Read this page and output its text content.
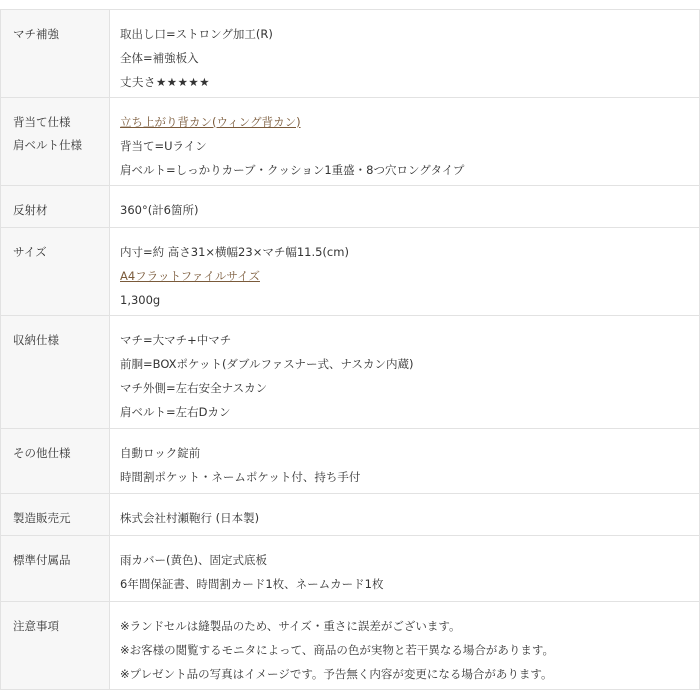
マチ補強	取出し口=ストロング加工(R)
全体=補強板入
丈夫さ★★★★★

背当て仕様
肩ベルト仕様	立ち上がり背カン(ウィング背カン)
背当て=Uライン
肩ベルト=しっかりカーブ・クッション1重盛・8つ穴ロングタイプ

反射材	360°(計6箇所)

サイズ	内寸=約 高さ31×横幅23×マチ幅11.5(cm)
A4フラットファイルサイズ
1,300g

収納仕様	マチ=大マチ+中マチ
前胴=BOXポケット(ダブルファスナー式、ナスカン内蔵)
マチ外側=左右安全ナスカン
肩ベルト=左右Dカン

その他仕様	自動ロック錠前
時間割ポケット・ネームポケット付、持ち手付

製造販売元	株式会社村瀬鞄行 (日本製)

標準付属品	雨カバー(黄色)、固定式底板
6年間保証書、時間割カード1枚、ネームカード1枚

注意事項	※ランドセルは縫製品のため、サイズ・重さに誤差がございます。
※お客様の閲覧するモニタによって、商品の色が実物と若干異なる場合があります。
※プレゼント品の写真はイメージです。予告無く内容が変更になる場合があります。
